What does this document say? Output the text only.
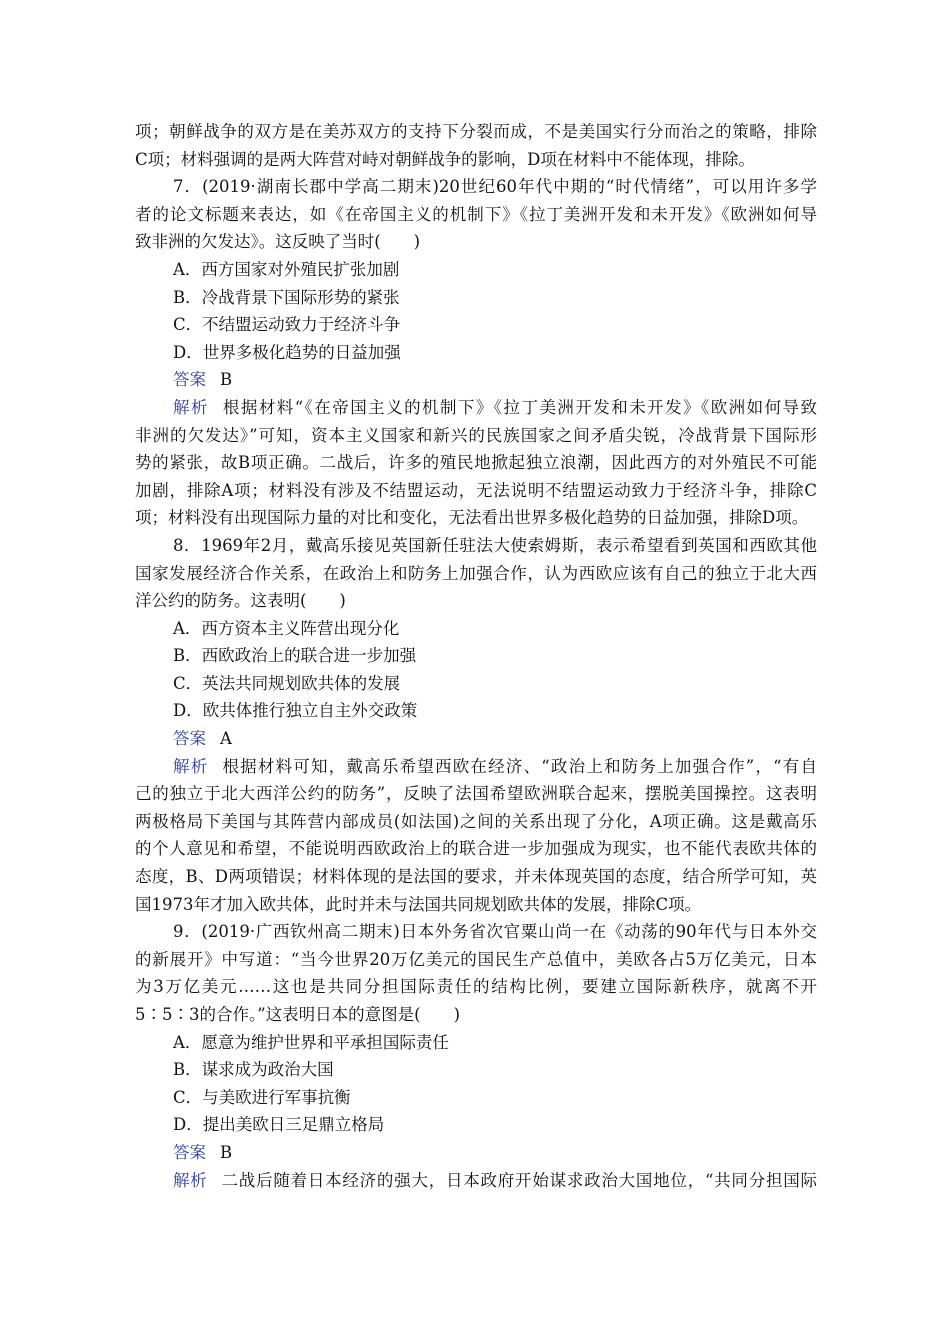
项；朝鲜战争的双方是在美苏双方的支持下分裂而成，不是美国实行分而治之的策略，排除
C项；材料强调的是两大阵营对峙对朝鲜战争的影响，D项在材料中不能体现，排除。
7．(2019·湖南长郡中学高二期末)20世纪60年代中期的“时代情绪”，可以用许多学
者的论文标题来表达，如《在帝国主义的机制下》《拉丁美洲开发和未开发》《欧洲如何导
致非洲的欠发达》。这反映了当时(　　)
A．西方国家对外殖民扩张加剧
B．冷战背景下国际形势的紧张
C．不结盟运动致力于经济斗争
D．世界多极化趋势的日益加强
答案 B
解析 根据材料“《在帝国主义的机制下》《拉丁美洲开发和未开发》《欧洲如何导致
非洲的欠发达》”可知，资本主义国家和新兴的民族国家之间矛盾尖锐，冷战背景下国际形
势的紧张，故B项正确。二战后，许多的殖民地掀起独立浪潮，因此西方的对外殖民不可能
加剧，排除A项；材料没有涉及不结盟运动，无法说明不结盟运动致力于经济斗争，排除C
项；材料没有出现国际力量的对比和变化，无法看出世界多极化趋势的日益加强，排除D项。
8．1969年2月，戴高乐接见英国新任驻法大使索姆斯，表示希望看到英国和西欧其他
国家发展经济合作关系，在政治上和防务上加强合作，认为西欧应该有自己的独立于北大西
洋公约的防务。这表明(　　)
A．西方资本主义阵营出现分化
B．西欧政治上的联合进一步加强
C．英法共同规划欧共体的发展
D．欧共体推行独立自主外交政策
答案 A
解析 根据材料可知，戴高乐希望西欧在经济、“政治上和防务上加强合作”，“有自
己的独立于北大西洋公约的防务”，反映了法国希望欧洲联合起来，摆脱美国操控。这表明
两极格局下美国与其阵营内部成员(如法国)之间的关系出现了分化，A项正确。这是戴高乐
的个人意见和希望，不能说明西欧政治上的联合进一步加强成为现实，也不能代表欧共体的
态度，B、D两项错误；材料体现的是法国的要求，并未体现英国的态度，结合所学可知，英
国1973年才加入欧共体，此时并未与法国共同规划欧共体的发展，排除C项。
9．(2019·广西钦州高二期末)日本外务省次官粟山尚一在《动荡的90年代与日本外交
的新展开》中写道：“当今世界20万亿美元的国民生产总值中，美欧各占5万亿美元，日本
为3万亿美元……这也是共同分担国际责任的结构比例，要建立国际新秩序，就离不开
5∶5∶3的合作。”这表明日本的意图是(　　)
A．愿意为维护世界和平承担国际责任
B．谋求成为政治大国
C．与美欧进行军事抗衡
D．提出美欧日三足鼎立格局
答案 B
解析 二战后随着日本经济的强大，日本政府开始谋求政治大国地位，“共同分担国际
